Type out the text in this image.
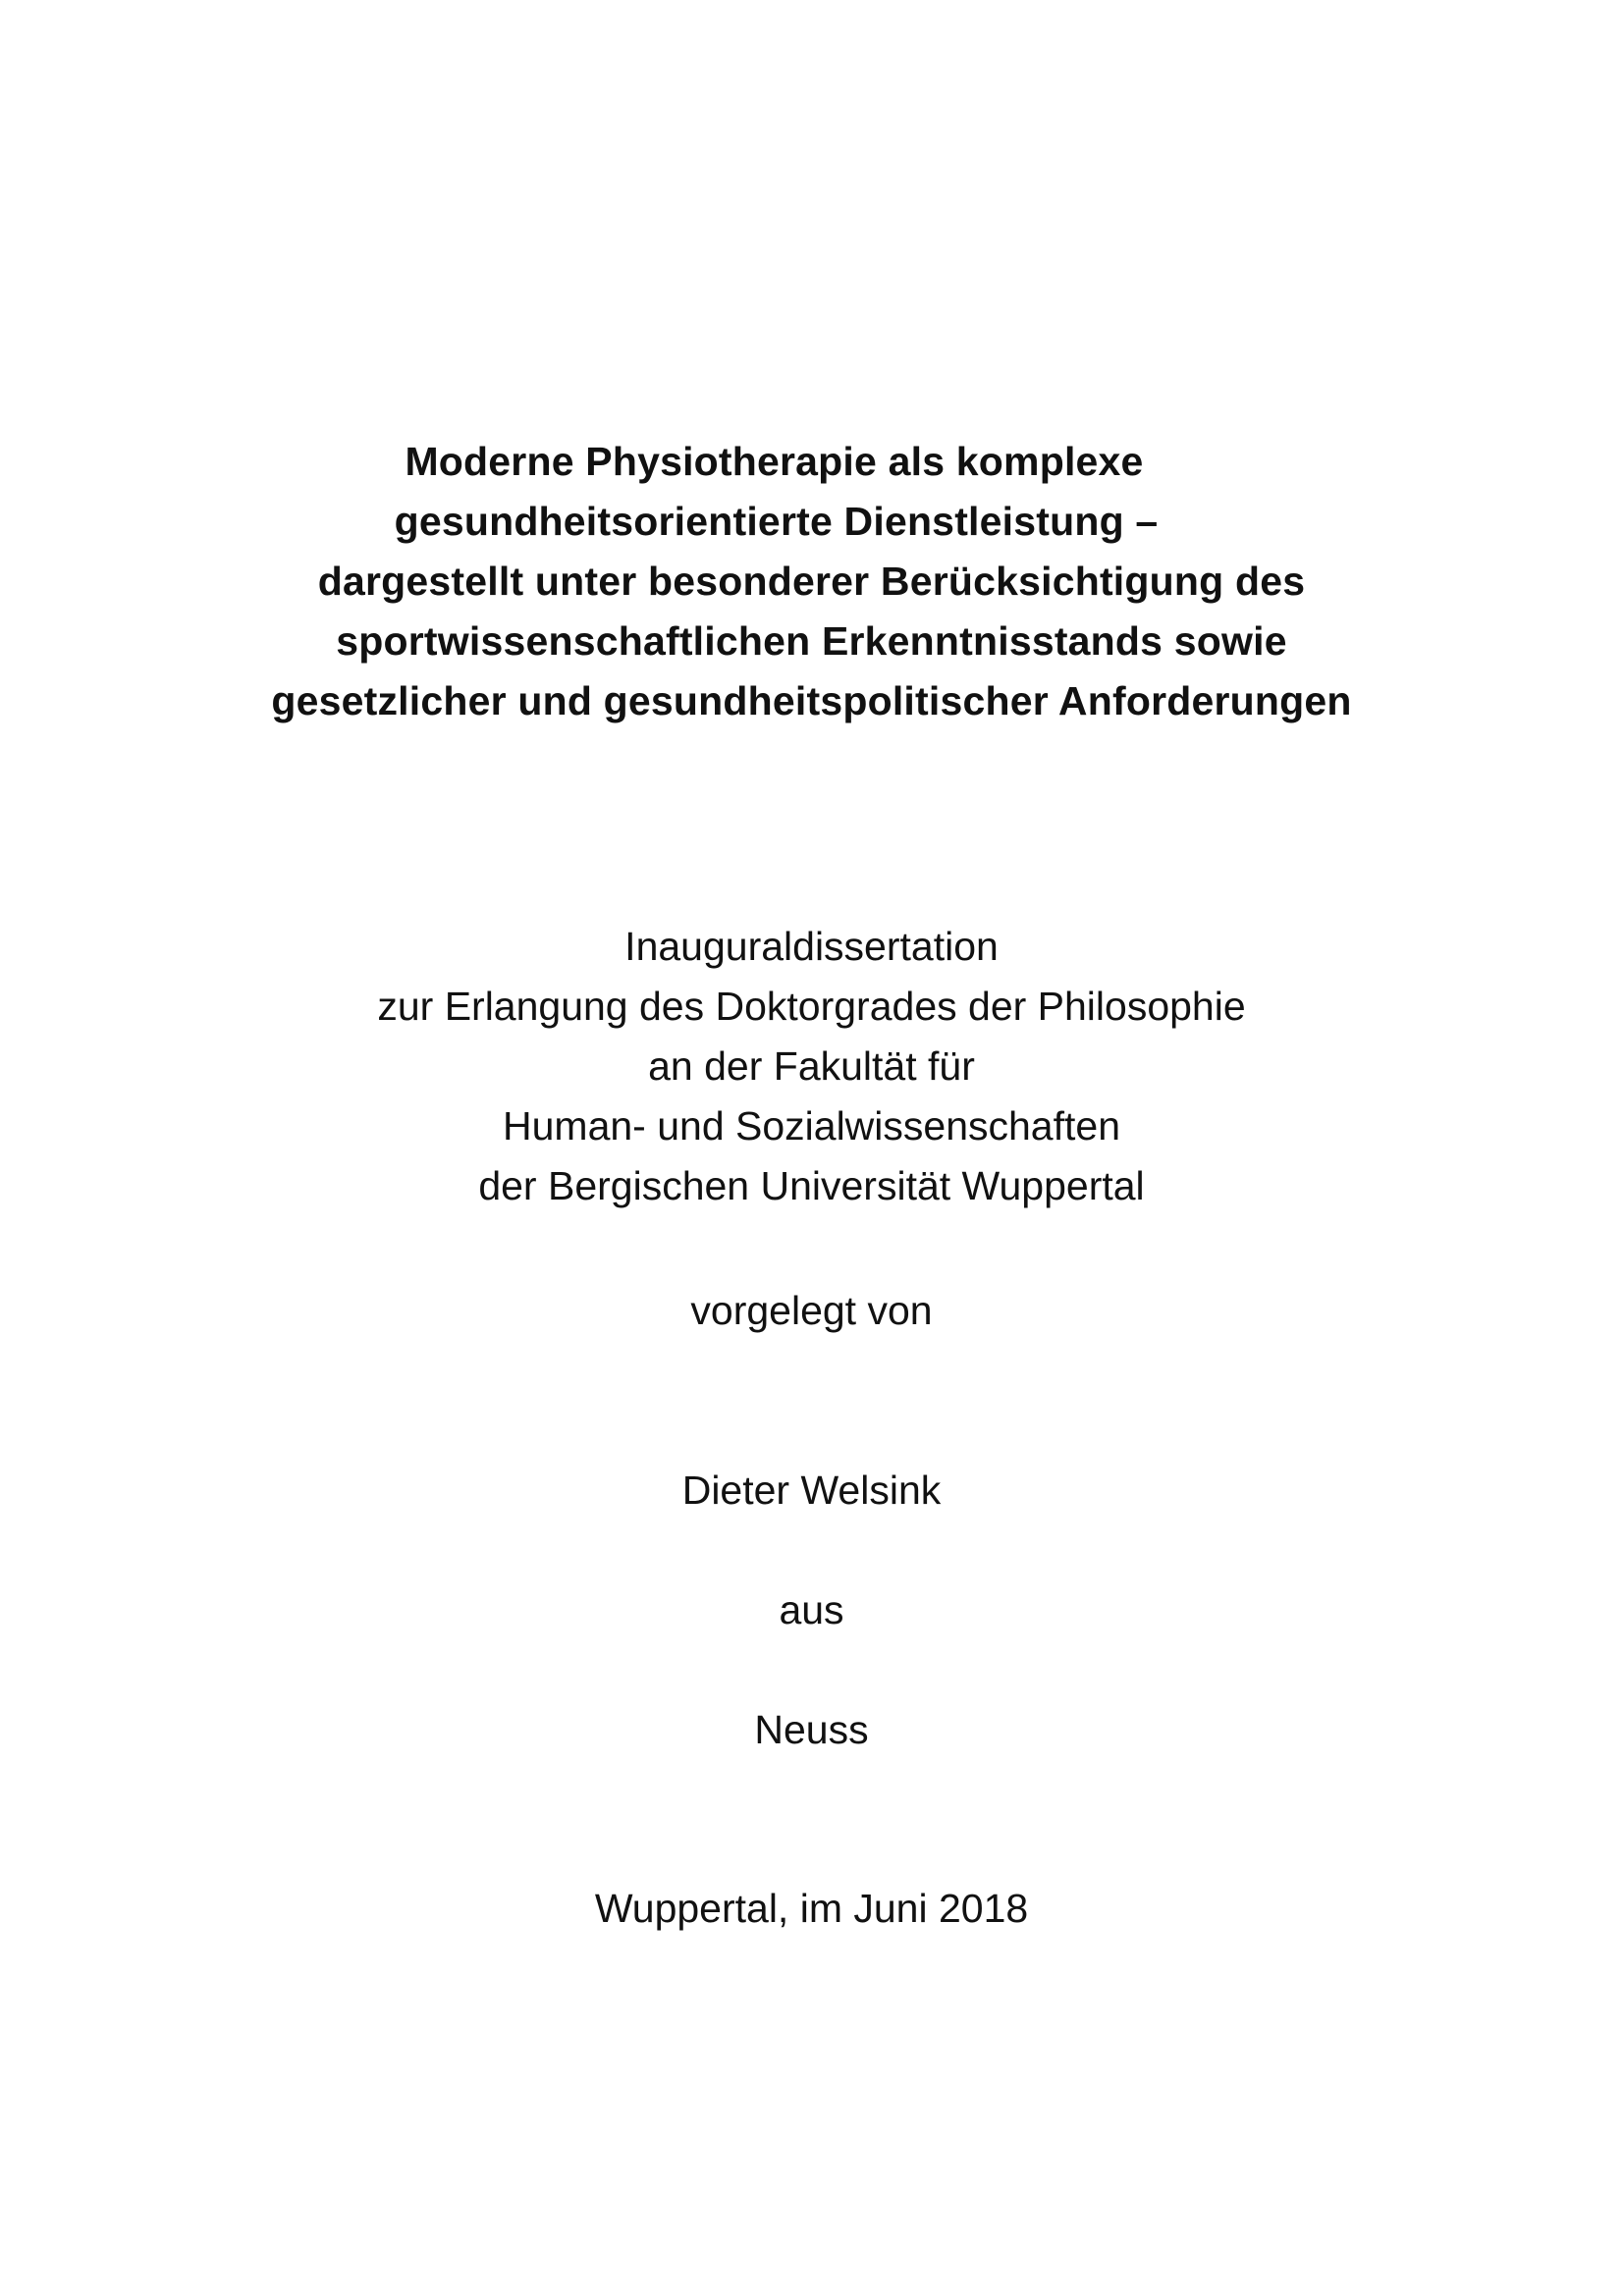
Moderne Physiotherapie als komplexe
gesundheitsorientierte Dienstleistung –
dargestellt unter besonderer Berücksichtigung des
sportwissenschaftlichen Erkenntnisstands sowie
gesetzlicher und gesundheitspolitischer Anforderungen
Inauguraldissertation
zur Erlangung des Doktorgrades der Philosophie
an der Fakultät für
Human- und Sozialwissenschaften
der Bergischen Universität Wuppertal
vorgelegt von
Dieter Welsink
aus
Neuss
Wuppertal, im Juni 2018
